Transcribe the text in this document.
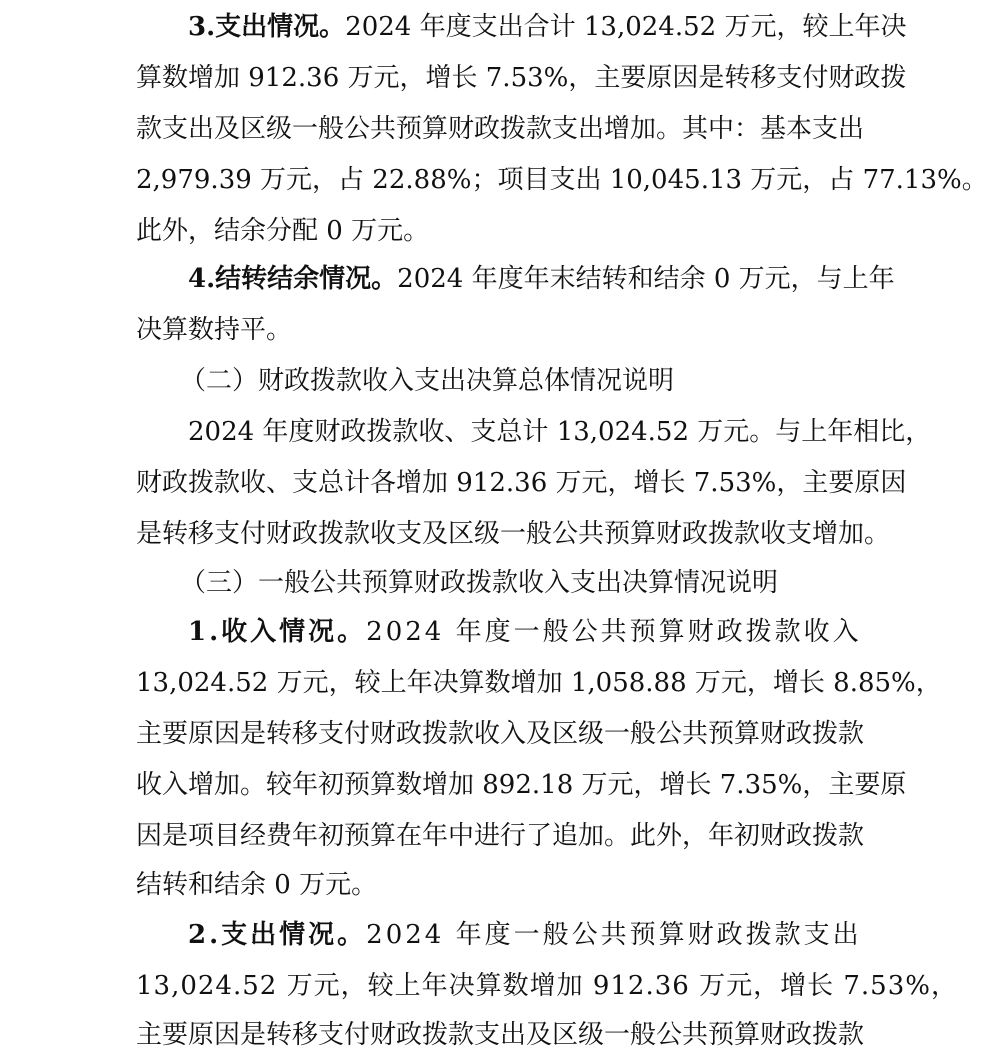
3.支出情况。2024 年度支出合计 13,024.52 万元，较上年决
算数增加 912.36 万元，增长 7.53%，主要原因是转移支付财政拨
款支出及区级一般公共预算财政拨款支出增加。其中：基本支出
2,979.39 万元，占 22.88%；项目支出 10,045.13 万元，占 77.13%。
此外，结余分配 0 万元。
4.结转结余情况。2024 年度年末结转和结余 0 万元，与上年
决算数持平。
（二）财政拨款收入支出决算总体情况说明
2024 年度财政拨款收、支总计 13,024.52 万元。与上年相比，
财政拨款收、支总计各增加 912.36 万元，增长 7.53%，主要原因
是转移支付财政拨款收支及区级一般公共预算财政拨款收支增加。
（三）一般公共预算财政拨款收入支出决算情况说明
1.收入情况。2024 年度一般公共预算财政拨款收入
13,024.52 万元，较上年决算数增加 1,058.88 万元，增长 8.85%，
主要原因是转移支付财政拨款收入及区级一般公共预算财政拨款
收入增加。较年初预算数增加 892.18 万元，增长 7.35%，主要原
因是项目经费年初预算在年中进行了追加。此外，年初财政拨款
结转和结余 0 万元。
2.支出情况。2024 年度一般公共预算财政拨款支出
13,024.52 万元，较上年决算数增加 912.36 万元，增长 7.53%，
主要原因是转移支付财政拨款支出及区级一般公共预算财政拨款
